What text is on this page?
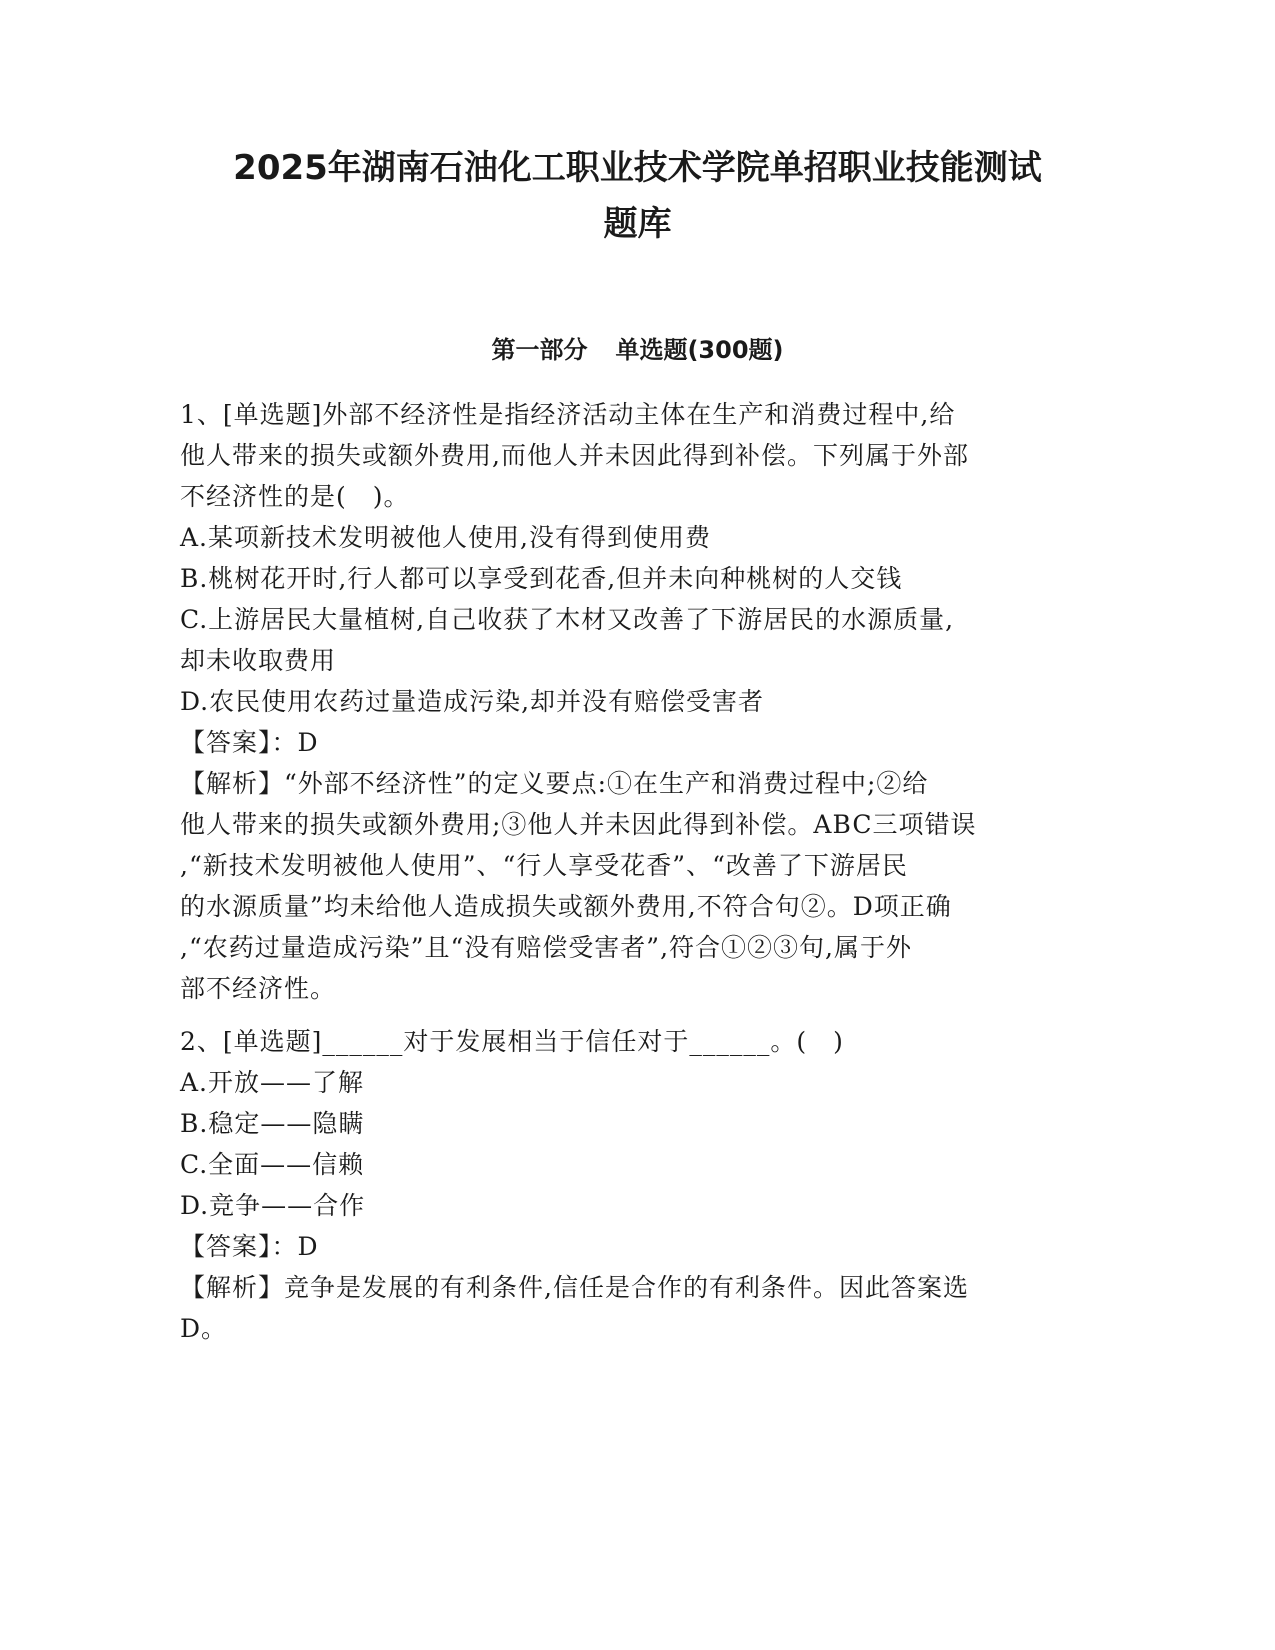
2025年湖南石油化工职业技术学院单招职业技能测试
题库
第一部分 单选题(300题)
1、[单选题]外部不经济性是指经济活动主体在生产和消费过程中,给
他人带来的损失或额外费用,而他人并未因此得到补偿。下列属于外部
不经济性的是(　)。
A.某项新技术发明被他人使用,没有得到使用费
B.桃树花开时,行人都可以享受到花香,但并未向种桃树的人交钱
C.上游居民大量植树,自己收获了木材又改善了下游居民的水源质量,
却未收取费用
D.农民使用农药过量造成污染,却并没有赔偿受害者
【答案】：D
【解析】“外部不经济性”的定义要点:①在生产和消费过程中;②给
他人带来的损失或额外费用;③他人并未因此得到补偿。ABC三项错误
,“新技术发明被他人使用”、“行人享受花香”、“改善了下游居民
的水源质量”均未给他人造成损失或额外费用,不符合句②。D项正确
,“农药过量造成污染”且“没有赔偿受害者”,符合①②③句,属于外
部不经济性。
2、[单选题]______对于发展相当于信任对于______。(　)
A.开放——了解
B.稳定——隐瞒
C.全面——信赖
D.竞争——合作
【答案】：D
【解析】竞争是发展的有利条件,信任是合作的有利条件。因此答案选
D。
